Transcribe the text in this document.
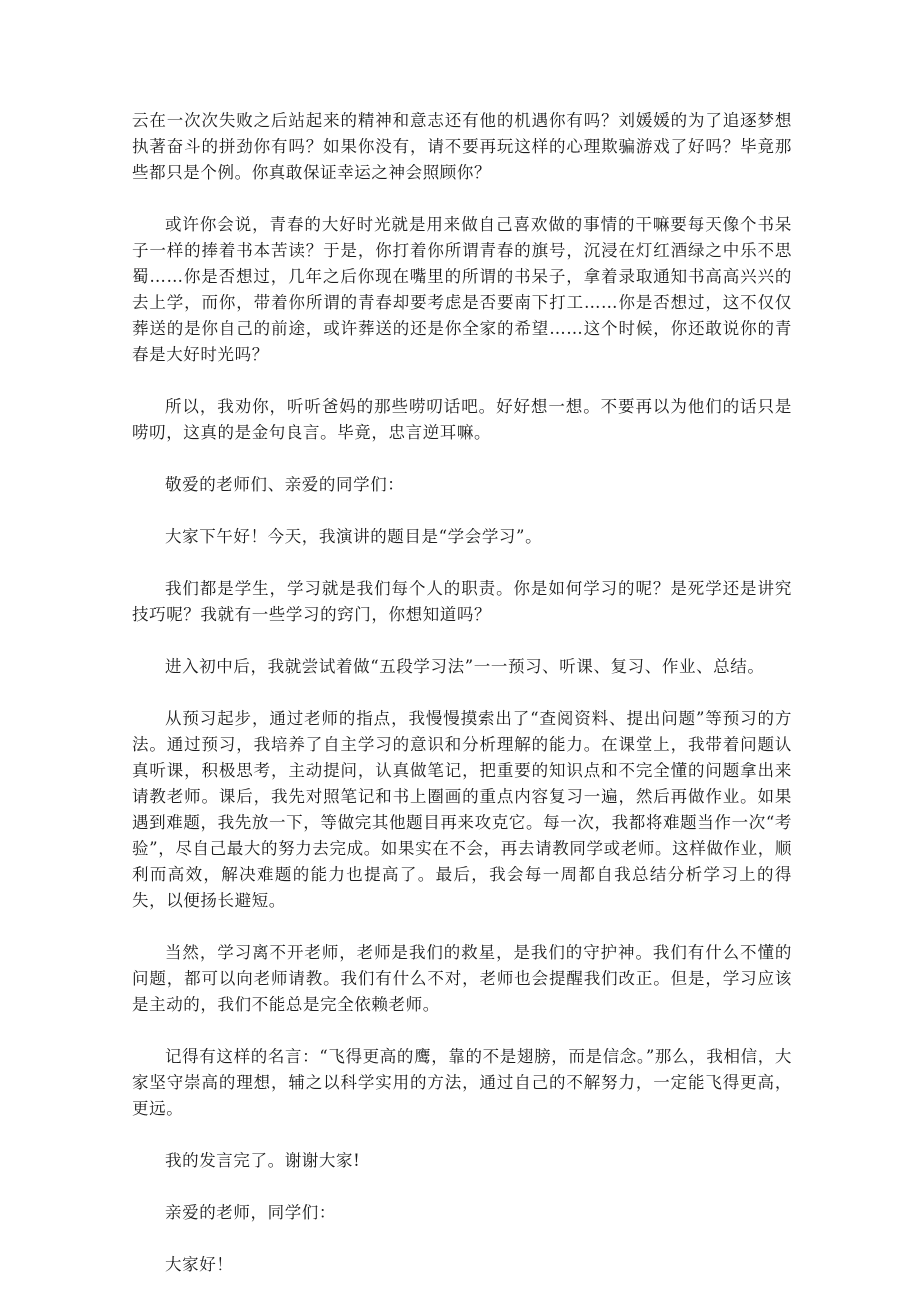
云在一次次失败之后站起来的精神和意志还有他的机遇你有吗？刘媛媛的为了追逐梦想执著奋斗的拼劲你有吗？如果你没有，请不要再玩这样的心理欺骗游戏了好吗？毕竟那些都只是个例。你真敢保证幸运之神会照顾你？

或许你会说，青春的大好时光就是用来做自己喜欢做的事情的干嘛要每天像个书呆子一样的捧着书本苦读？于是，你打着你所谓青春的旗号，沉浸在灯红酒绿之中乐不思蜀……你是否想过，几年之后你现在嘴里的所谓的书呆子，拿着录取通知书高高兴兴的去上学，而你，带着你所谓的青春却要考虑是否要南下打工……你是否想过，这不仅仅葬送的是你自己的前途，或许葬送的还是你全家的希望……这个时候，你还敢说你的青春是大好时光吗？

所以，我劝你，听听爸妈的那些唠叨话吧。好好想一想。不要再以为他们的话只是唠叨，这真的是金句良言。毕竟，忠言逆耳嘛。

敬爱的老师们、亲爱的同学们：

大家下午好！今天，我演讲的题目是“学会学习”。

我们都是学生，学习就是我们每个人的职责。你是如何学习的呢？是死学还是讲究技巧呢？我就有一些学习的窍门，你想知道吗？

进入初中后，我就尝试着做“五段学习法”一一预习、听课、复习、作业、总结。

从预习起步，通过老师的指点，我慢慢摸索出了“查阅资料、提出问题”等预习的方法。通过预习，我培养了自主学习的意识和分析理解的能力。在课堂上，我带着问题认真听课，积极思考，主动提问，认真做笔记，把重要的知识点和不完全懂的问题拿出来请教老师。课后，我先对照笔记和书上圈画的重点内容复习一遍，然后再做作业。如果遇到难题，我先放一下，等做完其他题目再来攻克它。每一次，我都将难题当作一次“考验”，尽自己最大的努力去完成。如果实在不会，再去请教同学或老师。这样做作业，顺利而高效，解决难题的能力也提高了。最后，我会每一周都自我总结分析学习上的得失，以便扬长避短。

当然，学习离不开老师，老师是我们的救星，是我们的守护神。我们有什么不懂的问题，都可以向老师请教。我们有什么不对，老师也会提醒我们改正。但是，学习应该是主动的，我们不能总是完全依赖老师。

记得有这样的名言：“飞得更高的鹰，靠的不是翅膀，而是信念。”那么，我相信，大家坚守崇高的理想，辅之以科学实用的方法，通过自己的不解努力，一定能飞得更高，更远。

我的发言完了。谢谢大家!

亲爱的老师，同学们：

大家好！
